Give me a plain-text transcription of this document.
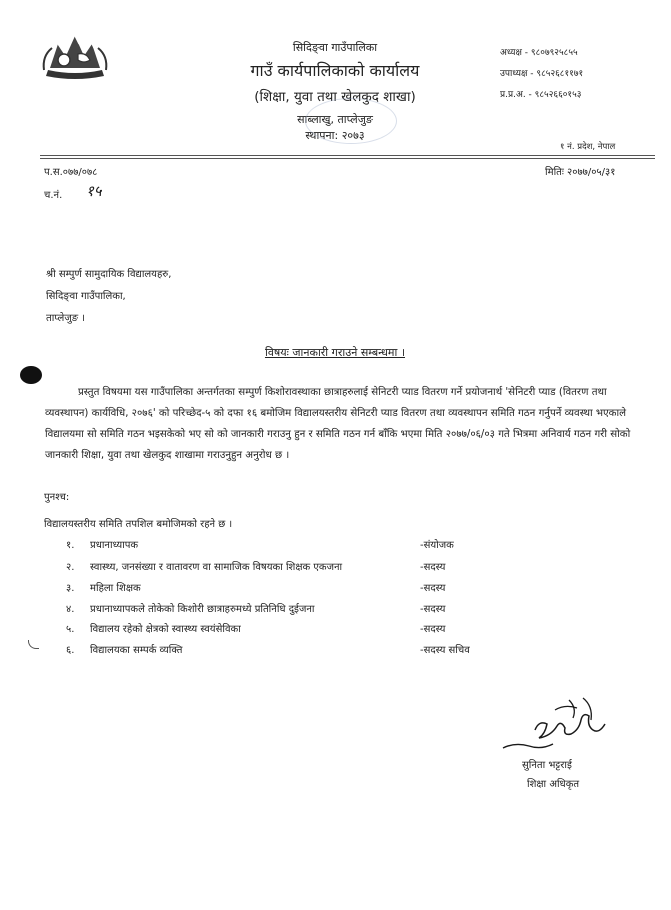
सिदिङ्वा गाउँपालिका
गाउँ कार्यपालिकाको कार्यालय
(शिक्षा, युवा तथा खेलकुद शाखा)
साब्लाखु, ताप्लेजुङ
स्थापना: २०७३
अध्यक्ष - ९८०७९२५८५५
उपाध्यक्ष - ९८५२६८११७१
प्र.प्र.अ. - ९८५२६६०१५३
१ नं. प्रदेश, नेपाल
प.स.०७७/०७८	मितिः २०७७/०५/३१
च.नं. १५
श्री सम्पुर्ण सामुदायिक विद्यालयहरु,
सिदिङ्वा गाउँपालिका,
ताप्लेजुङ ।
विषयः जानकारी गराउने सम्बन्धमा ।
प्रस्तुत विषयमा यस गाउँपालिका अन्तर्गतका सम्पुर्ण किशोरावस्थाका छात्राहरुलाई सेनिटरी प्याड वितरण गर्ने प्रयोजनार्थ 'सेनिटरी प्याड (वितरण तथा व्यवस्थापन) कार्यविधि, २०७६' को परिच्छेद-५ को दफा १६ बमोजिम विद्यालयस्तरीय सेनिटरी प्याड वितरण तथा व्यवस्थापन समिति गठन गर्नुपर्ने व्यवस्था भएकाले विद्यालयमा सो समिति गठन भइसकेको भए सो को जानकारी गराउनु हुन र समिति गठन गर्न बाँकि भएमा मिति २०७७/०६/०३ गते भित्रमा अनिवार्य गठन गरी सोको जानकारी शिक्षा, युवा तथा खेलकुद शाखामा गराउनुहुन अनुरोध छ ।
पुनश्च:
विद्यालयस्तरीय समिति तपशिल बमोजिमको रहने छ ।
१. प्रधानाध्यापक	-संयोजक
२. स्वास्थ्य, जनसंख्या र वातावरण वा सामाजिक विषयका शिक्षक एकजना	-सदस्य
३. महिला शिक्षक	-सदस्य
४. प्रधानाध्यापकले तोकेको किशोरी छात्राहरुमध्ये प्रतिनिधि दुईजना	-सदस्य
५. विद्यालय रहेको क्षेत्रको स्वास्थ्य स्वयंसेविका	-सदस्य
६. विद्यालयका सम्पर्क व्यक्ति	-सदस्य सचिव
सुनिता भट्टराई
शिक्षा अधिकृत
